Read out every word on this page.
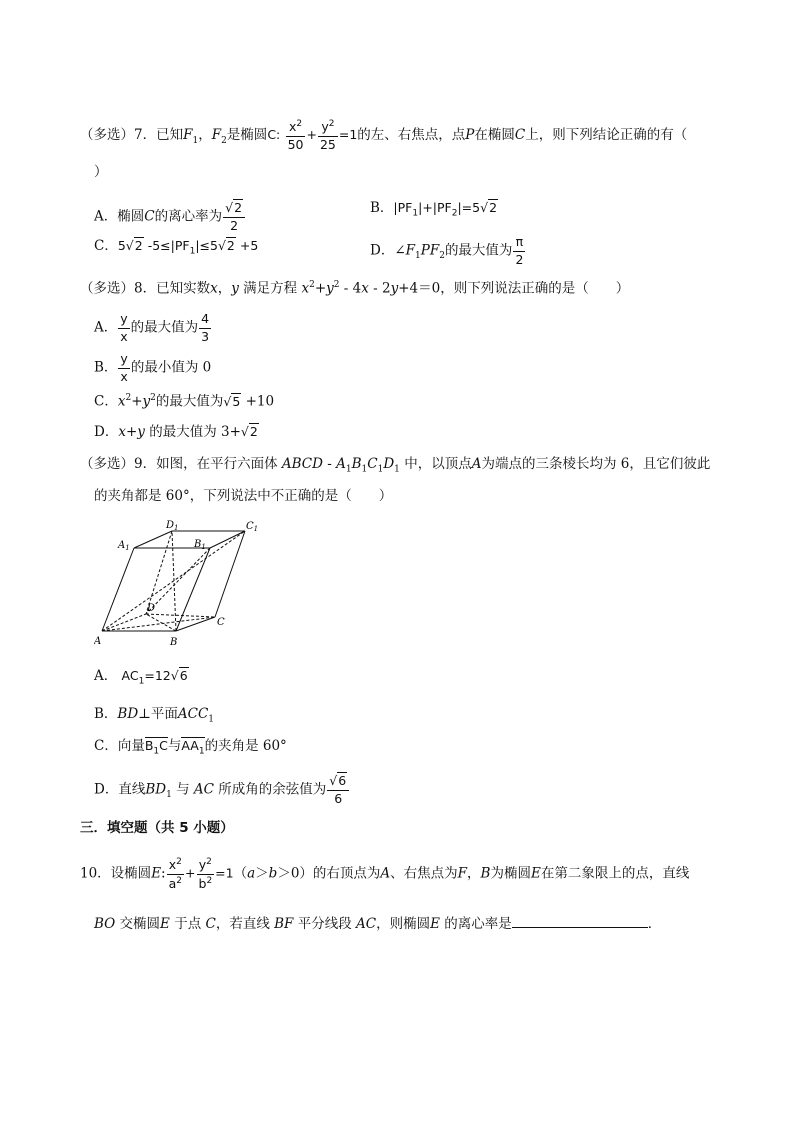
（多选）7．已知$F_1$，$F_2$是椭圆C: $\frac{x^2}{50} + \frac{y^2}{25} =1$的左、右焦点，点P在椭圆C上，则下列结论正确的有（
）
A．椭圆C的离心率为 $\frac{√2}{2}$	B．$|PF_1|+|PF_2|=5√2$
C．5√2 $-5\le|PF_1|\le 5√2 +5$	D．$\angle F_1PF_2$的最大值为 $\frac{\pi}{2}$
（多选）8．已知实数x，y 满足方程 $x^2+y^2 - 4x - 2y+4=0$，则下列说法正确的是（　　）
A． $\frac{y}{x}$ 的最大值为 $\frac{4}{3}$
B． $\frac{y}{x}$ 的最小值为 0
C．$x^2+y^2$的最大值为√5 +10
D．x+y 的最大值为 3+√2
（多选）9．如图，在平行六面体 ABCD - $A_1B_1C_1D_1$ 中，以顶点A为端点的三条棱长均为 6，且它们彼此
的夹角都是 60°，下列说法中不正确的是（　　）
$D_1$	$C_1$
$A_1$	$B_1$
D
C
A	B
A． $AC_1=12√6$
B．BD⊥平面$ACC_1$
C．向量$B_1C$与$AA_1$的夹角是 60°
D．直线$BD_1$ 与 AC 所成角的余弦值为 $\frac{√6}{6}$
三．填空题（共 5 小题）
10．设椭圆E: $\frac{x^2}{a^2} + \frac{y^2}{b^2} =1(a>b>0)$的右顶点为A、右焦点为F，B为椭圆E在第二象限上的点，直线
BO 交椭圆E 于点 C，若直线 BF 平分线段 AC，则椭圆E 的离心率是	．
